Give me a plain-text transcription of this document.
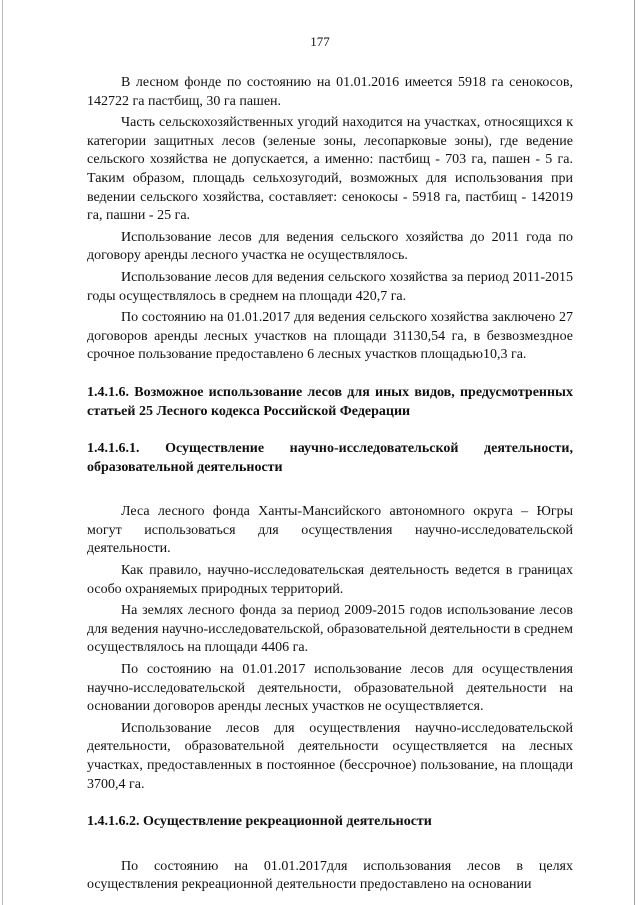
177

В лесном фонде по состоянию на 01.01.2016 имеется 5918 га сенокосов, 142722 га пастбищ, 30 га пашен.

Часть сельскохозяйственных угодий находится на участках, относящихся к категории защитных лесов (зеленые зоны, лесопарковые зоны), где ведение сельского хозяйства не допускается, а именно: пастбищ - 703 га, пашен - 5 га. Таким образом, площадь сельхозугодий, возможных для использования при ведении сельского хозяйства, составляет: сенокосы - 5918 га, пастбищ - 142019 га, пашни - 25 га.

Использование лесов для ведения сельского хозяйства до 2011 года по договору аренды лесного участка не осуществлялось.

Использование лесов для ведения сельского хозяйства за период 2011-2015 годы осуществлялось в среднем на площади 420,7 га.

По состоянию на 01.01.2017 для ведения сельского хозяйства заключено 27 договоров аренды лесных участков на площади 31130,54 га, в безвозмездное срочное пользование предоставлено 6 лесных участков площадью10,3 га.

1.4.1.6. Возможное использование лесов для иных видов, предусмотренных статьей 25 Лесного кодекса Российской Федерации

1.4.1.6.1. Осуществление научно-исследовательской деятельности, образовательной деятельности

Леса лесного фонда Ханты-Мансийского автономного округа – Югры могут использоваться для осуществления научно-исследовательской деятельности.

Как правило, научно-исследовательская деятельность ведется в границах особо охраняемых природных территорий.

На землях лесного фонда за период 2009-2015 годов использование лесов для ведения научно-исследовательской, образовательной деятельности в среднем осуществлялось на площади 4406 га.

По состоянию на 01.01.2017 использование лесов для осуществления научно-исследовательской деятельности, образовательной деятельности на основании договоров аренды лесных участков не осуществляется.

Использование лесов для осуществления научно-исследовательской деятельности, образовательной деятельности осуществляется на лесных участках, предоставленных в постоянное (бессрочное) пользование, на площади 3700,4 га.

1.4.1.6.2. Осуществление рекреационной деятельности

По состоянию на 01.01.2017для использования лесов в целях осуществления рекреационной деятельности предоставлено на основании
